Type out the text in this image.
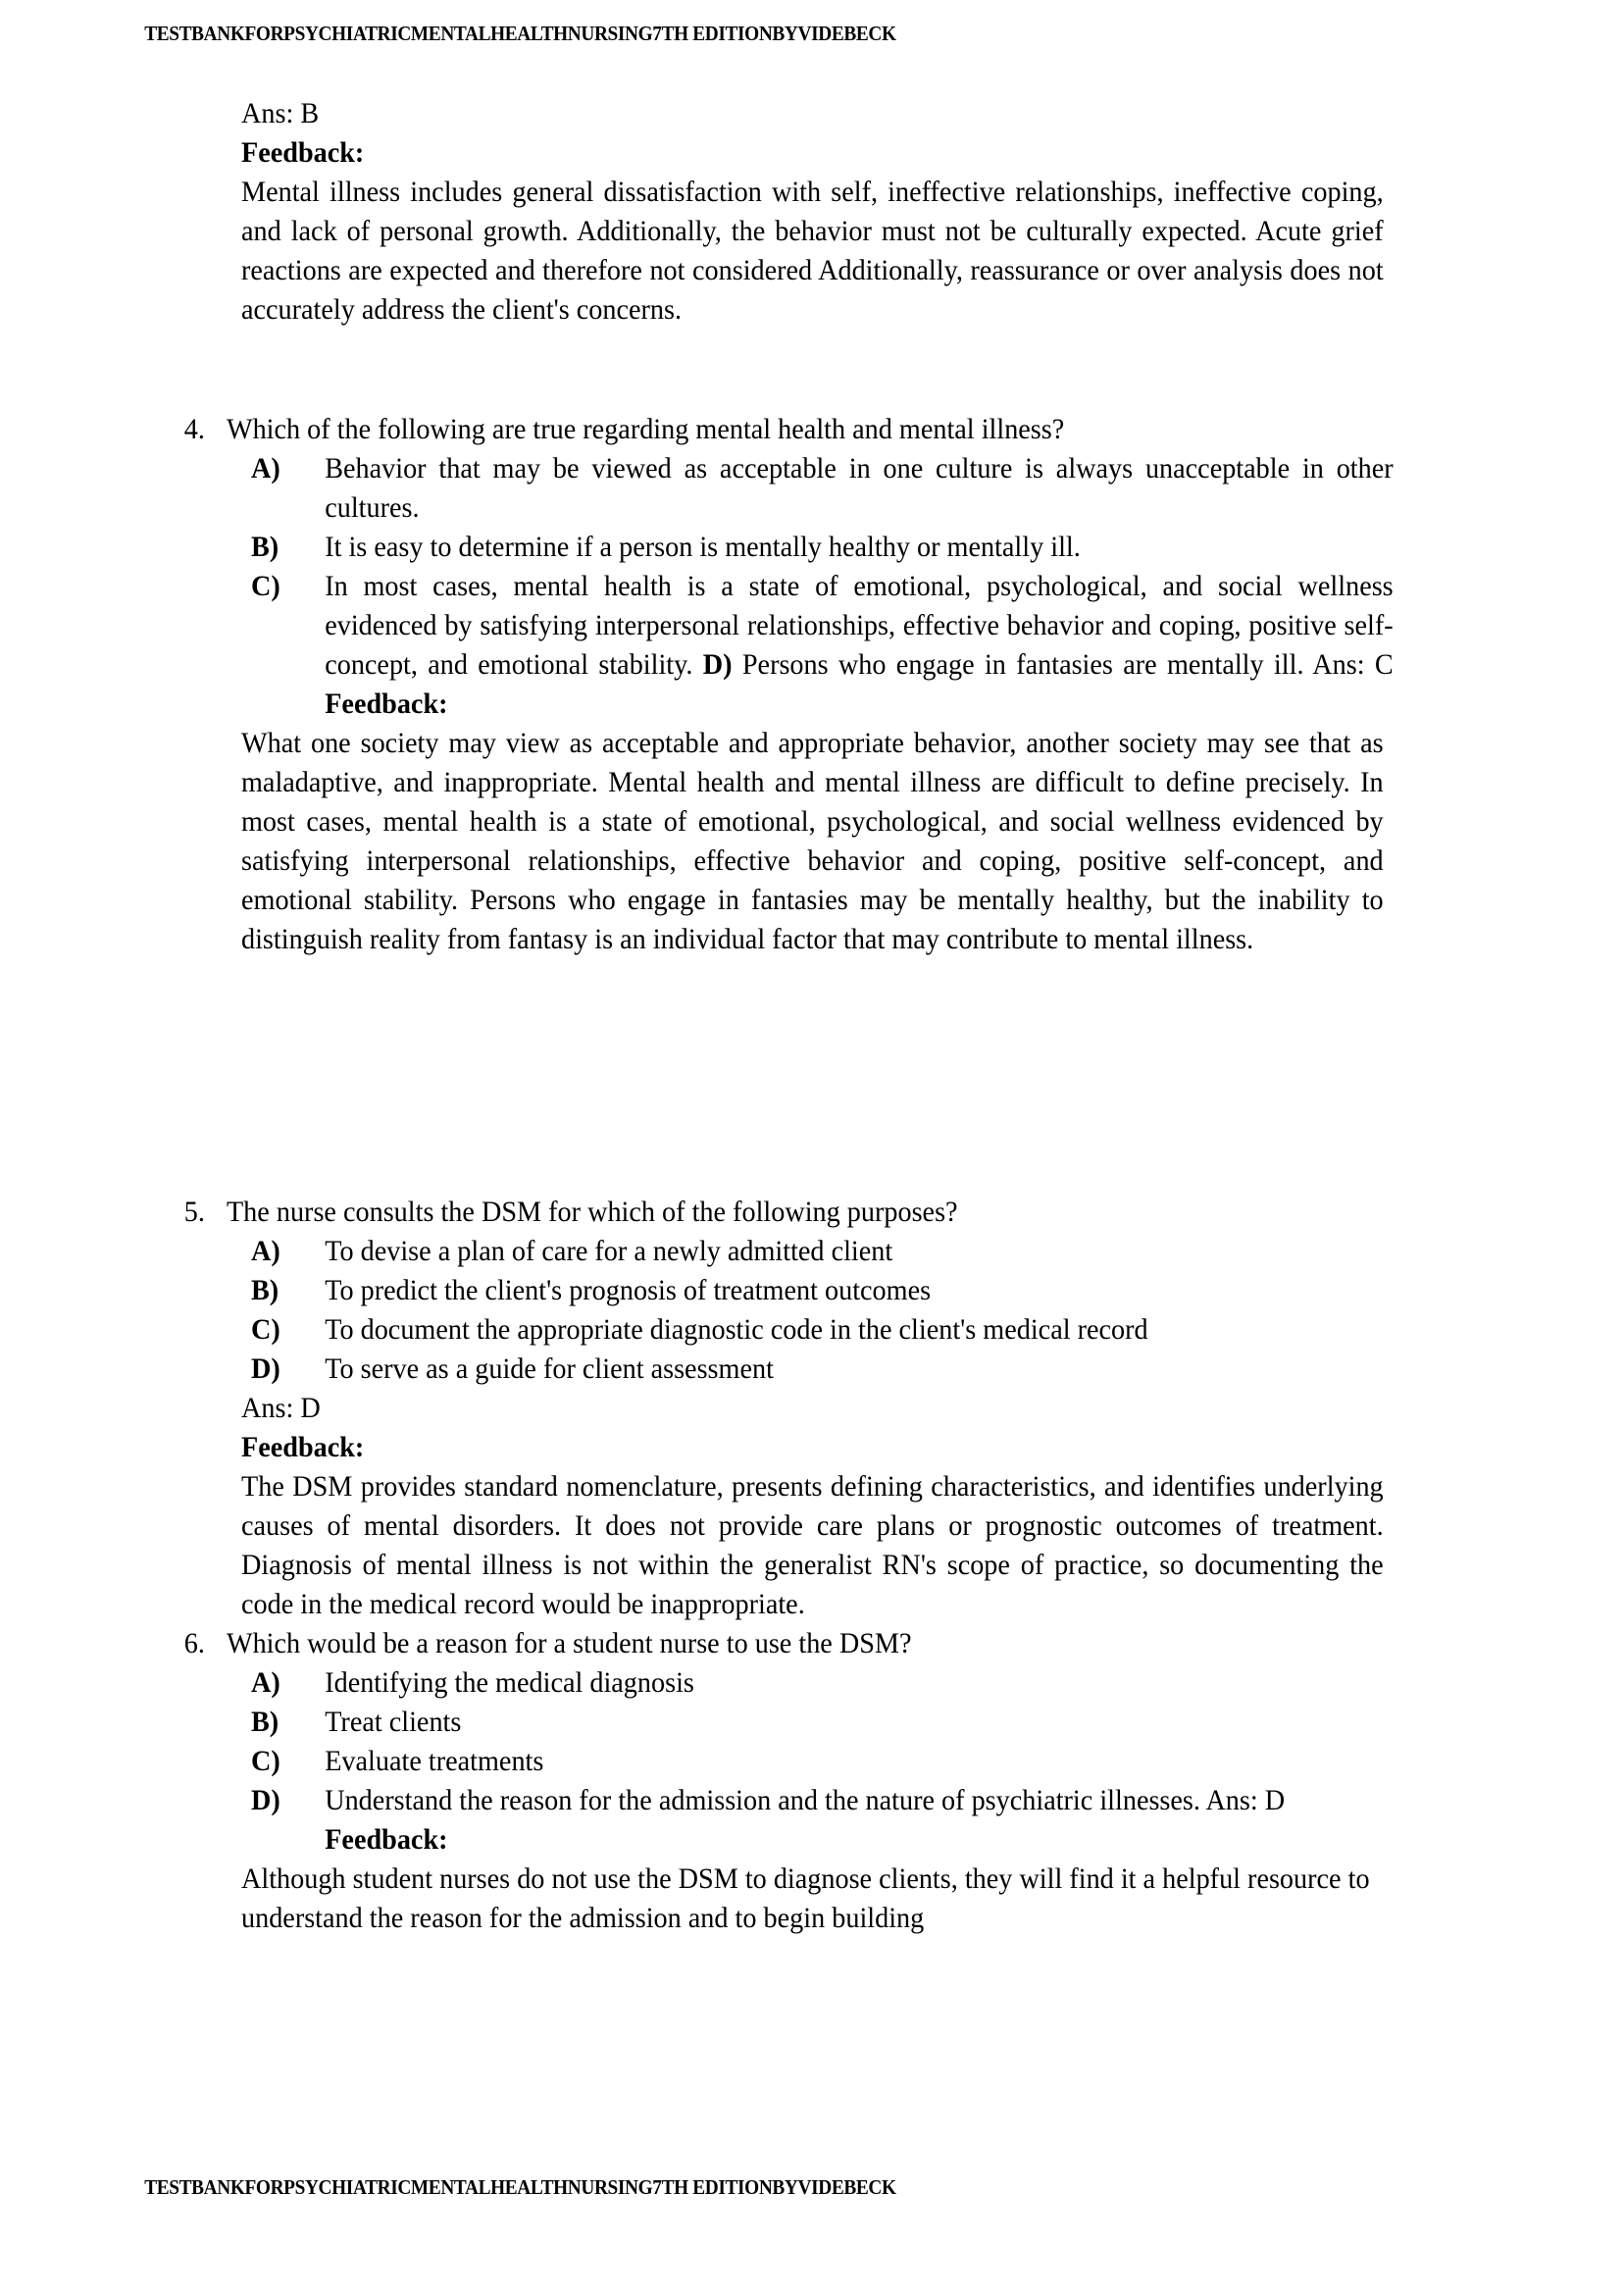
TESTBANKFORPSYCHIATRICMENTALHEALTHNURSING7TH EDITIONBYVIDEBECK
Ans: B
Feedback:
Mental illness includes general dissatisfaction with self, ineffective relationships, ineffective coping, and lack of personal growth. Additionally, the behavior must not be culturally expected. Acute grief reactions are expected and therefore not considered Additionally, reassurance or over analysis does not accurately address the client's concerns.
4. Which of the following are true regarding mental health and mental illness?
A)	Behavior that may be viewed as acceptable in one culture is always unacceptable in other cultures.
B)	It is easy to determine if a person is mentally healthy or mentally ill.
C)	In most cases, mental health is a state of emotional, psychological, and social wellness evidenced by satisfying interpersonal relationships, effective behavior and coping, positive self-concept, and emotional stability. D) Persons who engage in fantasies are mentally ill. Ans: C Feedback:
What one society may view as acceptable and appropriate behavior, another society may see that as maladaptive, and inappropriate. Mental health and mental illness are difficult to define precisely. In most cases, mental health is a state of emotional, psychological, and social wellness evidenced by satisfying interpersonal relationships, effective behavior and coping, positive self-concept, and emotional stability. Persons who engage in fantasies may be mentally healthy, but the inability to distinguish reality from fantasy is an individual factor that may contribute to mental illness.
5. The nurse consults the DSM for which of the following purposes?
A)	To devise a plan of care for a newly admitted client
B)	To predict the client's prognosis of treatment outcomes
C)	To document the appropriate diagnostic code in the client's medical record
D)	To serve as a guide for client assessment
Ans: D
Feedback:
The DSM provides standard nomenclature, presents defining characteristics, and identifies underlying causes of mental disorders. It does not provide care plans or prognostic outcomes of treatment. Diagnosis of mental illness is not within the generalist RN's scope of practice, so documenting the code in the medical record would be inappropriate.
6. Which would be a reason for a student nurse to use the DSM?
A)	Identifying the medical diagnosis
B)	Treat clients
C)	Evaluate treatments
D)	Understand the reason for the admission and the nature of psychiatric illnesses. Ans: D Feedback:
Although student nurses do not use the DSM to diagnose clients, they will find it a helpful resource to understand the reason for the admission and to begin building
TESTBANKFORPSYCHIATRICMENTALHEALTHNURSING7TH EDITIONBYVIDEBECK
